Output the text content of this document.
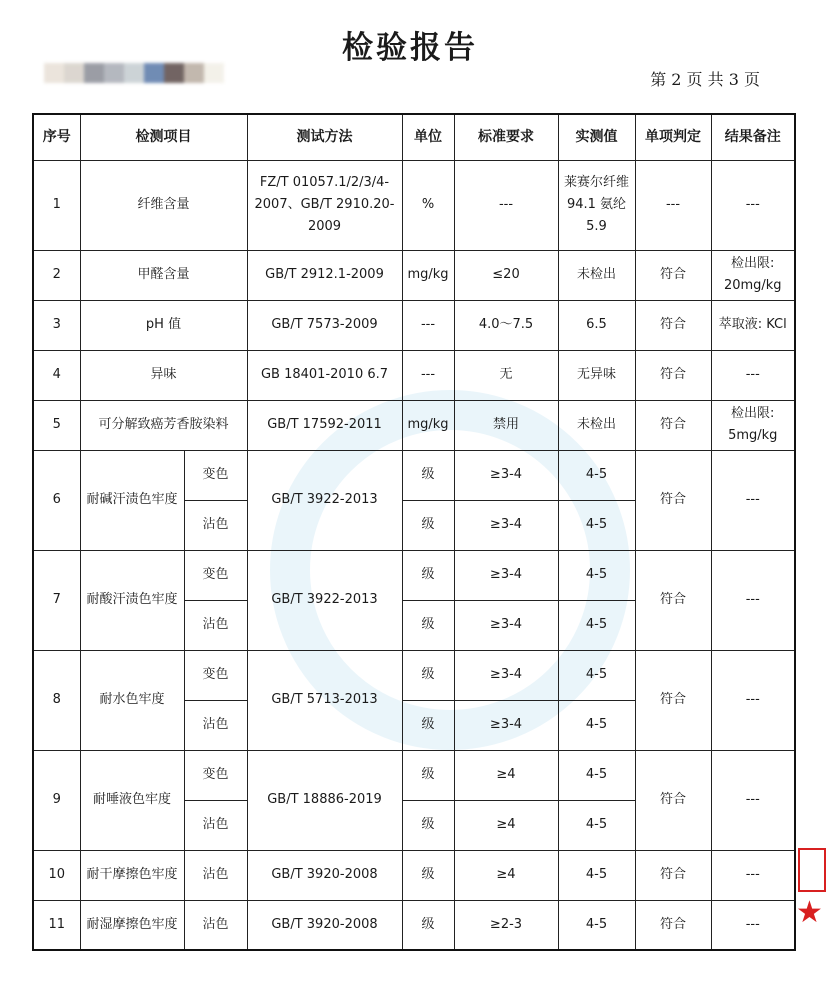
检验报告
第 2 页 共 3 页
序号	检测项目		测试方法	单位	标准要求	实测值	单项判定	结果备注
1	纤维含量		FZ/T 01057.1/2/3/4-2007、GB/T 2910.20-2009	%	---	莱赛尔纤维 94.1 氨纶 5.9	---	---
2	甲醛含量		GB/T 2912.1-2009	mg/kg	≤20	未检出	符合	检出限: 20mg/kg
3	pH 值		GB/T 7573-2009	---	4.0～7.5	6.5	符合	萃取液: KCl
4	异味		GB 18401-2010 6.7	---	无	无异味	符合	---
5	可分解致癌芳香胺染料		GB/T 17592-2011	mg/kg	禁用	未检出	符合	检出限: 5mg/kg
6	耐碱汗渍色牢度	变色	GB/T 3922-2013	级	≥3-4	4-5	符合	---
		沾色		级	≥3-4	4-5		
7	耐酸汗渍色牢度	变色	GB/T 3922-2013	级	≥3-4	4-5	符合	---
		沾色		级	≥3-4	4-5		
8	耐水色牢度	变色	GB/T 5713-2013	级	≥3-4	4-5	符合	---
		沾色		级	≥3-4	4-5		
9	耐唾液色牢度	变色	GB/T 18886-2019	级	≥4	4-5	符合	---
		沾色		级	≥4	4-5		
10	耐干摩擦色牢度	沾色	GB/T 3920-2008	级	≥4	4-5	符合	---
11	耐湿摩擦色牢度	沾色	GB/T 3920-2008	级	≥2-3	4-5	符合	--- ★
